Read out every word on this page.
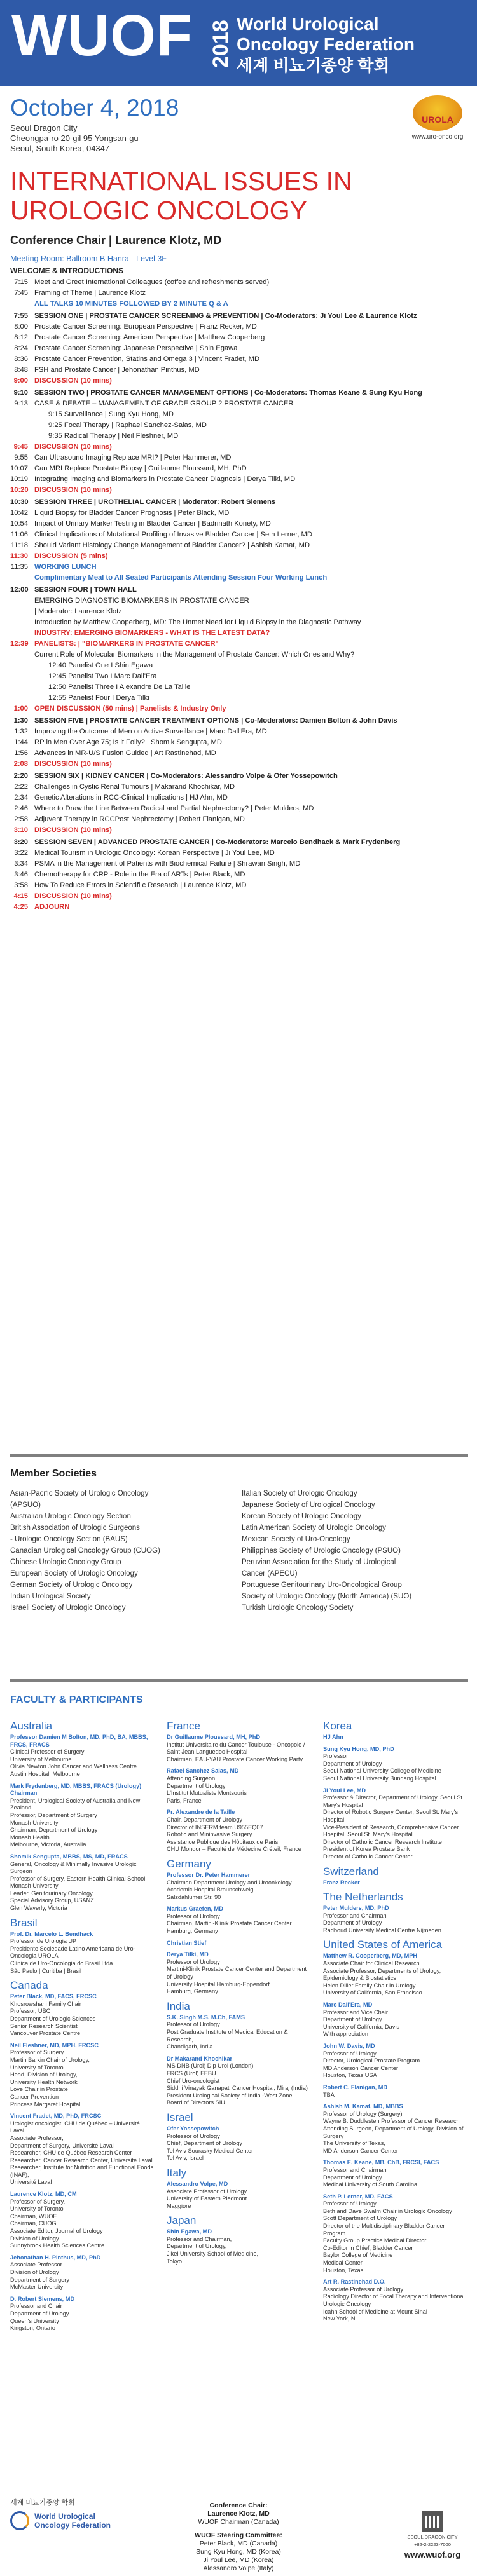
WUOF 2018 World Urological
Oncology Federation
세계 비뇨기종양 학회
October 4, 2018
Seoul Dragon City
Cheongpa-ro 20-gil 95 Yongsan-gu
Seoul, South Korea, 04347
UROLA
www.uro-onco.org
INTERNATIONAL ISSUES IN UROLOGIC ONCOLOGY
Conference Chair | Laurence Klotz, MD
Meeting Room: Ballroom B Hanra - Level 3F
WELCOME & INTRODUCTIONS
7:15 Meet and Greet International Colleagues (coffee and refreshments served)
7:45 Framing of Theme | Laurence Klotz
ALL TALKS 10 MINUTES FOLLOWED BY 2 MINUTE Q & A
7:55 SESSION ONE | PROSTATE CANCER SCREENING & PREVENTION | Co-Moderators: Ji Youl Lee & Laurence Klotz
8:00 Prostate Cancer Screening: European Perspective | Franz Recker, MD
8:12 Prostate Cancer Screening: American Perspective | Matthew Cooperberg
8:24 Prostate Cancer Screening: Japanese Perspective | Shin Egawa
8:36 Prostate Cancer Prevention, Statins and Omega 3 | Vincent Fradet, MD
8:48 FSH and Prostate Cancer | Jehonathan Pinthus, MD
9:00 DISCUSSION (10 mins)
9:10 SESSION TWO | PROSTATE CANCER MANAGEMENT OPTIONS | Co-Moderators: Thomas Keane & Sung Kyu Hong
9:13 CASE & DEBATE – MANAGEMENT OF GRADE GROUP 2 PROSTATE CANCER
9:15 Surveillance | Sung Kyu Hong, MD
9:25 Focal Therapy | Raphael Sanchez-Salas, MD
9:35 Radical Therapy | Neil Fleshner, MD
9:45 DISCUSSION (10 mins)
9:55 Can Ultrasound Imaging Replace MRI? | Peter Hammerer, MD
10:07 Can MRI Replace Prostate Biopsy | Guillaume Ploussard, MH, PhD
10:19 Integrating Imaging and Biomarkers in Prostate Cancer Diagnosis | Derya Tilki, MD
10:20 DISCUSSION (10 mins)
10:30 SESSION THREE | UROTHELIAL CANCER | Moderator: Robert Siemens
10:42 Liquid Biopsy for Bladder Cancer Prognosis | Peter Black, MD
10:54 Impact of Urinary Marker Testing in Bladder Cancer | Badrinath Konety, MD
11:06 Clinical Implications of Mutational Profiling of Invasive Bladder Cancer | Seth Lerner, MD
11:18 Should Variant Histology Change Management of Bladder Cancer? | Ashish Kamat, MD
11:30 DISCUSSION (5 mins)
11:35 WORKING LUNCH
Complimentary Meal to All Seated Participants Attending Session Four Working Lunch
12:00 SESSION FOUR | TOWN HALL
EMERGING DIAGNOSTIC BIOMARKERS IN PROSTATE CANCER
| Moderator: Laurence Klotz
Introduction by Matthew Cooperberg, MD: The Unmet Need for Liquid Biopsy in the Diagnostic Pathway
INDUSTRY: EMERGING BIOMARKERS - WHAT IS THE LATEST DATA?
12:39 PANELISTS: | "BIOMARKERS IN PROSTATE CANCER"
Current Role of Molecular Biomarkers in the Management of Prostate Cancer: Which Ones and Why?
12:40 Panelist One I Shin Egawa
12:45 Panelist Two I Marc Dall'Era
12:50 Panelist Three I Alexandre De La Taille
12:55 Panelist Four I Derya Tilki
1:00 OPEN DISCUSSION (50 mins) | Panelists & Industry Only
1:30 SESSION FIVE | PROSTATE CANCER TREATMENT OPTIONS | Co-Moderators: Damien Bolton & John Davis
1:32 Improving the Outcome of Men on Active Surveillance | Marc Dall'Era, MD
1:44 RP in Men Over Age 75; Is it Folly? | Shomik Sengupta, MD
1:56 Advances in MR-U/S Fusion Guided | Art Rastinehad, MD
2:08 DISCUSSION (10 mins)
2:20 SESSION SIX | KIDNEY CANCER | Co-Moderators: Alessandro Volpe & Ofer Yossepowitch
2:22 Challenges in Cystic Renal Tumours | Makarand Khochikar, MD
2:34 Genetic Alterations in RCC-Clinical Implications | HJ Ahn, MD
2:46 Where to Draw the Line Between Radical and Partial Nephrectomy? | Peter Mulders, MD
2:58 Adjuvent Therapy in RCCPost Nephrectomy | Robert Flanigan, MD
3:10 DISCUSSION (10 mins)
3:20 SESSION SEVEN | ADVANCED PROSTATE CANCER | Co-Moderators: Marcelo Bendhack & Mark Frydenberg
3:22 Medical Tourism in Urologic Oncology: Korean Perspective | Ji Youl Lee, MD
3:34 PSMA in the Management of Patients with Biochemical Failure | Shrawan Singh, MD
3:46 Chemotherapy for CRP - Role in the Era of ARTs | Peter Black, MD
3:58 How To Reduce Errors in Scientifi c Research | Laurence Klotz, MD
4:15 DISCUSSION (10 mins)
4:25 ADJOURN
Member Societies
Asian-Pacific Society of Urologic Oncology
(APSUO)
Australian Urologic Oncology Section
British Association of Urologic Surgeons
- Urologic Oncology Section (BAUS)
Canadian Urological Oncology Group (CUOG)
Chinese Urologic Oncology Group
European Society of Urologic Oncology
German Society of Urologic Oncology
Indian Urological Society
Israeli Society of Urologic Oncology
Italian Society of Urologic Oncology
Japanese Society of Urological Oncology
Korean Society of Urologic Oncology
Latin American Society of Urologic Oncology
Mexican Society of Uro-Oncology
Philippines Society of Urologic Oncology (PSUO)
Peruvian Association for the Study of Urological
Cancer (APECU)
Portuguese Genitourinary Uro-Oncological Group
Society of Urologic Oncology (North America) (SUO)
Turkish Urologic Oncology Society
FACULTY & PARTICIPANTS
Australia
Professor Damien M Bolton, MD, PhD, BA, MBBS, FRCS, FRACS
Clinical Professor of Surgery
University of Melbourne
Olivia Newton John Cancer and Wellness Centre
Austin Hospital, Melbourne
Mark Frydenberg, MD, MBBS, FRACS (Urology) Chairman
President, Urological Society of Australia and New Zealand
Professor, Department of Surgery
Monash University
Chairman, Department of Urology
Monash Health
Melbourne, Victoria, Australia
Shomik Sengupta, MBBS, MS, MD, FRACS
General, Oncology & Minimally Invasive Urologic Surgeon
Professor of Surgery, Eastern Health Clinical School, Monash University
Leader, Genitourinary Oncology
Special Advisory Group, USANZ
Glen Waverly, Victoria
Brasil
Prof. Dr. Marcelo L. Bendhack
Professor de Urologia UP
Presidente Sociedade Latino Americana de Uro-Oncologia UROLA
Clínica de Uro-Oncologia do Brasil Ltda.
São Paulo | Curitiba | Brasil
Canada
Peter Black, MD, FACS, FRCSC
Khosrowshahi Family Chair
Professor, UBC
Department of Urologic Sciences
Senior Research Scientist
Vancouver Prostate Centre
Neil Fleshner, MD, MPH, FRCSC
Professor of Surgery
Martin Barkin Chair of Urology,
University of Toronto
Head, Division of Urology,
University Health Network
Love Chair in Prostate
Cancer Prevention
Princess Margaret Hospital
Vincent Fradet, MD, PhD, FRCSC
Urologist oncologist, CHU de Québec – Université Laval
Associate Professor,
Department of Surgery, Université Laval
Researcher, CHU de Québec Research Center
Researcher, Cancer Research Center, Université Laval
Researcher, Institute for Nutrition and Functional Foods (INAF),
Université Laval
Laurence Klotz, MD, CM
Professor of Surgery,
University of Toronto
Chairman, WUOF
Chairman, CUOG
Associate Editor, Journal of Urology
Division of Urology
Sunnybrook Health Sciences Centre
Jehonathan H. Pinthus, MD, PhD
Associate Professor
Division of Urology
Department of Surgery
McMaster University
D. Robert Siemens, MD
Professor and Chair
Department of Urology
Queen's University
Kingston, Ontario
France
Dr Guillaume Ploussard, MH, PhD
Institut Universitaire du Cancer Toulouse - Oncopole / Saint Jean Languedoc Hospital
Chairman, EAU-YAU Prostate Cancer Working Party
Rafael Sanchez Salas, MD
Attending Surgeon,
Department of Urology
L'Institut Mutualiste Montsouris
Paris, France
Pr. Alexandre de la Taille
Chair, Department of Urology
Director of INSERM team U955EQ07
Robotic and Mininvasive Surgery
Assistance Publique des Hôpitaux de Paris
CHU Mondor – Faculté de Médecine Créteil, France
Germany
Professor Dr. Peter Hammerer
Chairman Department Urology and Uroonkology
Academic Hospital Braunschweig
Salzdahlumer Str. 90
Markus Graefen, MD
Professor of Urology
Chairman, Martini-Klinik Prostate Cancer Center
Hamburg, Germany
Christian Stief
Derya Tilki, MD
Professor of Urology
Martini-Klinik Prostate Cancer Center and Department of Urology
University Hospital Hamburg-Eppendorf
Hamburg, Germany
India
S.K. Singh M.S. M.Ch, FAMS
Professor of Urology
Post Graduate Institute of Medical Education & Research,
Chandigarh, India
Dr Makarand Khochikar
MS DNB (Urol) Dip Urol (London)
FRCS (Urol) FEBU
Chief Uro-oncologist
Siddhi Vinayak Ganapati Cancer Hospital, Miraj (India)
President Urological Society of India -West Zone
Board of Directors SIU
Israel
Ofer Yossepowitch
Professor of Urology
Chief, Department of Urology
Tel Aviv Sourasky Medical Center
Tel Aviv, Israel
Italy
Alessandro Volpe, MD
Associate Professor of Urology
University of Eastern Piedmont
Maggiore
Japan
Shin Egawa, MD
Professor and Chairman,
Department of Urology,
Jikei University School of Medicine,
Tokyo
Korea
HJ Ahn
Sung Kyu Hong, MD, PhD
Professor
Department of Urology
Seoul National University College of Medicine
Seoul National University Bundang Hospital
Ji Youl Lee, MD
Professor & Director, Department of Urology, Seoul St. Mary's Hospital
Director of Robotic Surgery Center, Seoul St. Mary's Hospital
Vice-President of Research, Comprehensive Cancer Hospital, Seoul St. Mary's Hospital
Director of Catholic Cancer Research Institute
President of Korea Prostate Bank
Director of Catholic Cancer Center
Switzerland
Franz Recker
The Netherlands
Peter Mulders, MD, PhD
Professor and Chairman
Department of Urology
Radboud University Medical Centre Nijmegen
United States of America
Matthew R. Cooperberg, MD, MPH
Associate Chair for Clinical Research
Associate Professor, Departments of Urology, Epidemiology & Biostatistics
Helen Diller Family Chair in Urology
University of California, San Francisco
Marc Dall'Era, MD
Professor and Vice Chair
Department of Urology
University of California, Davis
With appreciation
John W. Davis, MD
Professor of Urology
Director, Urological Prostate Program
MD Anderson Cancer Center
Houston, Texas USA
Robert C. Flanigan, MD
TBA
Ashish M. Kamat, MD, MBBS
Professor of Urology (Surgery)
Wayne B. Duddlesten Professor of Cancer Research
Attending Surgeon, Department of Urology, Division of Surgery
The University of Texas,
MD Anderson Cancer Center
Thomas E. Keane, MB, ChB, FRCSI, FACS
Professor and Chairman
Department of Urology
Medical University of South Carolina
Seth P. Lerner, MD, FACS
Professor of Urology
Beth and Dave Swalm Chair in Urologic Oncology
Scott Department of Urology
Director of the Multidisciplinary Bladder Cancer Program
Faculty Group Practice Medical Director
Co-Editor in Chief, Bladder Cancer
Baylor College of Medicine
Medical Center
Houston, Texas
Art R. Rastinehad D.O.
Associate Professor of Urology
Radiology Director of Focal Therapy and Interventional Urologic Oncology
Icahn School of Medicine at Mount Sinai
New York, N
세계 비뇨기종양 학회
World Urological
Oncology Federation
Conference Chair:
Laurence Klotz, MD
WUOF Chairman (Canada)
WUOF Steering Committee:
Peter Black, MD (Canada)
Sung Kyu Hong, MD (Korea)
Ji Youl Lee, MD (Korea)
Alessandro Volpe (Italy)
SEOUL DRAGON CITY
+82-2-2223-7000
www.wuof.org
